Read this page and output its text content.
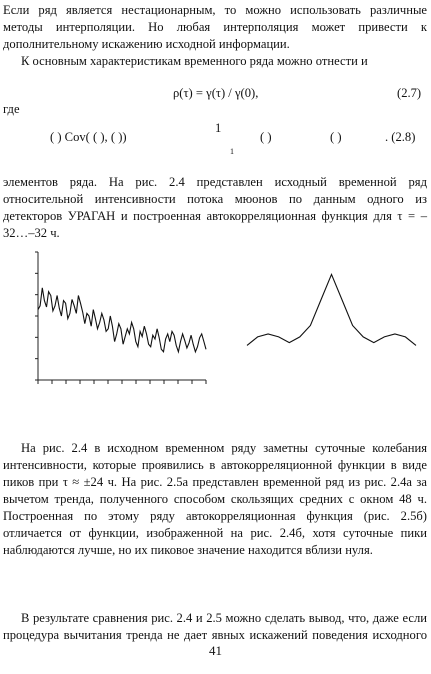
Если ряд является нестационарным, то можно использовать различные методы интерполяции. Но любая интерполяция может привести к дополнительному искажению исходной информации.

К основным характеристикам временного ряда можно отнести и

ρ(τ) = γ(τ) / γ(0),	(2.7)
где
( ) Cov( ( ), ( ))
1
1
( )	( )	. (2.8)

элементов ряда. На рис. 2.4 представлен исходный временной ряд относительной интенсивности потока мюонов по данным одного из детекторов УРАГАН и построенная автокорреляционная функция для τ = –32…–32 ч.

На рис. 2.4 в исходном временном ряду заметны суточные колебания интенсивности, которые проявились в автокорреляционной функции в виде пиков при τ ≈ ±24 ч. На рис. 2.5а представлен временной ряд из рис. 2.4а за вычетом тренда, полученного способом скользящих средних с окном 48 ч. Построенная по этому ряду автокорреляционная функция (рис. 2.5б) отличается от функции, изображенной на рис. 2.4б, хотя суточные пики наблюдаются лучше, но их пиковое значение находится вблизи нуля.

В результате сравнения рис. 2.4 и 2.5 можно сделать вывод, что, даже если процедура вычитания тренда не дает явных искажений поведения исходного

41
